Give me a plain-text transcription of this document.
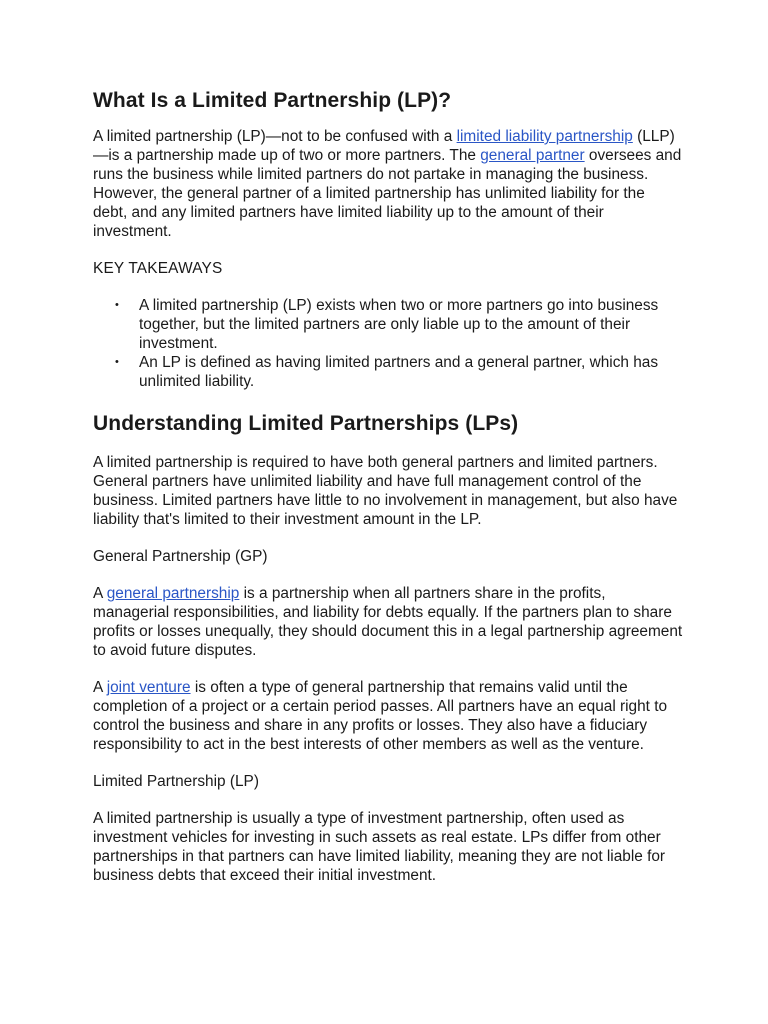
What Is a Limited Partnership (LP)?

A limited partnership (LP)—not to be confused with a limited liability partnership (LLP)—is a partnership made up of two or more partners. The general partner oversees and runs the business while limited partners do not partake in managing the business. However, the general partner of a limited partnership has unlimited liability for the debt, and any limited partners have limited liability up to the amount of their investment.

KEY TAKEAWAYS
• A limited partnership (LP) exists when two or more partners go into business together, but the limited partners are only liable up to the amount of their investment.
• An LP is defined as having limited partners and a general partner, which has unlimited liability.
Understanding Limited Partnerships (LPs)

A limited partnership is required to have both general partners and limited partners. General partners have unlimited liability and have full management control of the business. Limited partners have little to no involvement in management, but also have liability that's limited to their investment amount in the LP.

General Partnership (GP)

A general partnership is a partnership when all partners share in the profits, managerial responsibilities, and liability for debts equally. If the partners plan to share profits or losses unequally, they should document this in a legal partnership agreement to avoid future disputes.

A joint venture is often a type of general partnership that remains valid until the completion of a project or a certain period passes. All partners have an equal right to control the business and share in any profits or losses. They also have a fiduciary responsibility to act in the best interests of other members as well as the venture.

Limited Partnership (LP)

A limited partnership is usually a type of investment partnership, often used as investment vehicles for investing in such assets as real estate. LPs differ from other partnerships in that partners can have limited liability, meaning they are not liable for business debts that exceed their initial investment.
